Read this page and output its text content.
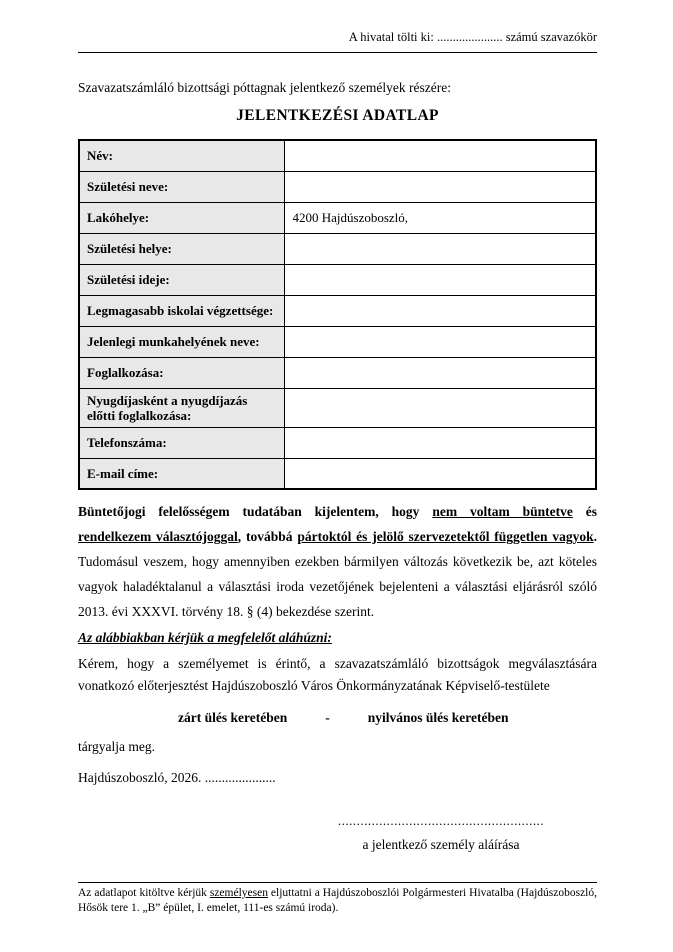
A hivatal tölti ki: ..................... számú szavazókör

Szavazatszámláló bizottsági póttagnak jelentkező személyek részére:

JELENTKEZÉSI ADATLAP
Név:	
Születési neve:	
Lakóhelye:	4200 Hajdúszoboszló,
Születési helye:	
Születési ideje:	
Legmagasabb iskolai végzettsége:	
Jelenlegi munkahelyének neve:	
Foglalkozása:	
Nyugdíjasként a nyugdíjazás előtti foglalkozása:	
Telefonszáma:	
E-mail címe:	

Büntetőjogi felelősségem tudatában kijelentem, hogy nem voltam büntetve és rendelkezem választójoggal, továbbá pártoktól és jelölő szervezetektől független vagyok. Tudomásul veszem, hogy amennyiben ezekben bármilyen változás következik be, azt köteles vagyok haladéktalanul a választási iroda vezetőjének bejelenteni a választási eljárásról szóló 2013. évi XXXVI. törvény 18. § (4) bekezdése szerint.

Az alábbiakban kérjük a megfelelőt aláhúzni:

Kérem, hogy a személyemet is érintő, a szavazatszámláló bizottságok megválasztására vonatkozó előterjesztést Hajdúszoboszló Város Önkormányzatának Képviselő-testülete

zárt ülés keretében	-	nyilvános ülés keretében

tárgyalja meg.

Hajdúszoboszló, 2026. .....................

.......................................................
a jelentkező személy aláírása
Az adatlapot kitöltve kérjük személyesen eljuttatni a Hajdúszoboszlói Polgármesteri Hivatalba (Hajdúszoboszló, Hősök tere 1. „B” épület, I. emelet, 111-es számú iroda).
